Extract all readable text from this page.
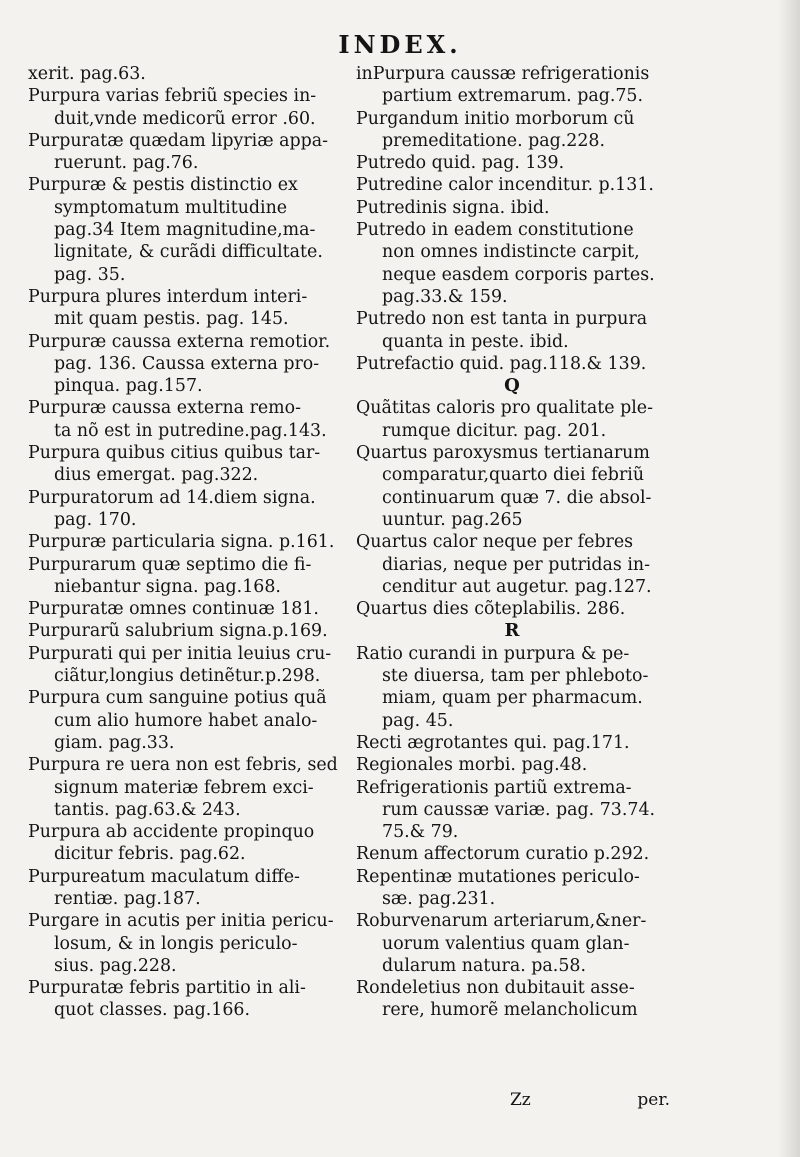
INDEX.
xerit. pag.63.
Purpura varias febriũ species in-
duit,vnde medicorũ error .60.
Purpuratæ quædam lipyriæ appa-
ruerunt. pag.76.
Purpuræ & pestis distinctio ex
symptomatum multitudine
pag.34 Item magnitudine,ma-
lignitate, & curãdi difficultate.
pag. 35.
Purpura plures interdum interi-
mit quam pestis. pag. 145.
Purpuræ caussa externa remotior.
pag. 136. Caussa externa pro-
pinqua. pag.157.
Purpuræ caussa externa remo-
ta nõ est in putredine.pag.143.
Purpura quibus citius quibus tar-
dius emergat. pag.322.
Purpuratorum ad 14.diem signa.
pag. 170.
Purpuræ particularia signa. p.161.
Purpurarum quæ septimo die fi-
niebantur signa. pag.168.
Purpuratæ omnes continuæ 181.
Purpurarũ salubrium signa.p.169.
Purpurati qui per initia leuius cru-
ciãtur,longius detinẽtur.p.298.
Purpura cum sanguine potius quã
cum alio humore habet analo-
giam. pag.33.
Purpura re uera non est febris, sed
signum materiæ febrem exci-
tantis. pag.63.& 243.
Purpura ab accidente propinquo
dicitur febris. pag.62.
Purpureatum maculatum diffe-
rentiæ. pag.187.
Purgare in acutis per initia pericu-
losum, & in longis periculo-
sius. pag.228.
Purpuratæ febris partitio in ali-
quot classes. pag.166.
inPurpura caussæ refrigerationis
partium extremarum. pag.75.
Purgandum initio morborum cũ
premeditatione. pag.228.
Putredo quid. pag. 139.
Putredine calor incenditur. p.131.
Putredinis signa. ibid.
Putredo in eadem constitutione
non omnes indistincte carpit,
neque easdem corporis partes.
pag.33.& 159.
Putredo non est tanta in purpura
quanta in peste. ibid.
Putrefactio quid. pag.118.& 139.
Q
Quãtitas caloris pro qualitate ple-
rumque dicitur. pag. 201.
Quartus paroxysmus tertianarum
comparatur,quarto diei febriũ
continuarum quæ 7. die absol-
uuntur. pag.265
Quartus calor neque per febres
diarias, neque per putridas in-
cenditur aut augetur. pag.127.
Quartus dies cõteplabilis. 286.
R
Ratio curandi in purpura & pe-
ste diuersa, tam per phleboto-
miam, quam per pharmacum.
pag. 45.
Recti ægrotantes qui. pag.171.
Regionales morbi. pag.48.
Refrigerationis partiũ extrema-
rum caussæ variæ. pag. 73.74.
75.& 79.
Renum affectorum curatio p.292.
Repentinæ mutationes periculo-
sæ. pag.231.
Roburvenarum arteriarum,&ner-
uorum valentius quam glan-
dularum natura. pa.58.
Rondeletius non dubitauit asse-
rere, humorẽ melancholicum
Zz	per.
